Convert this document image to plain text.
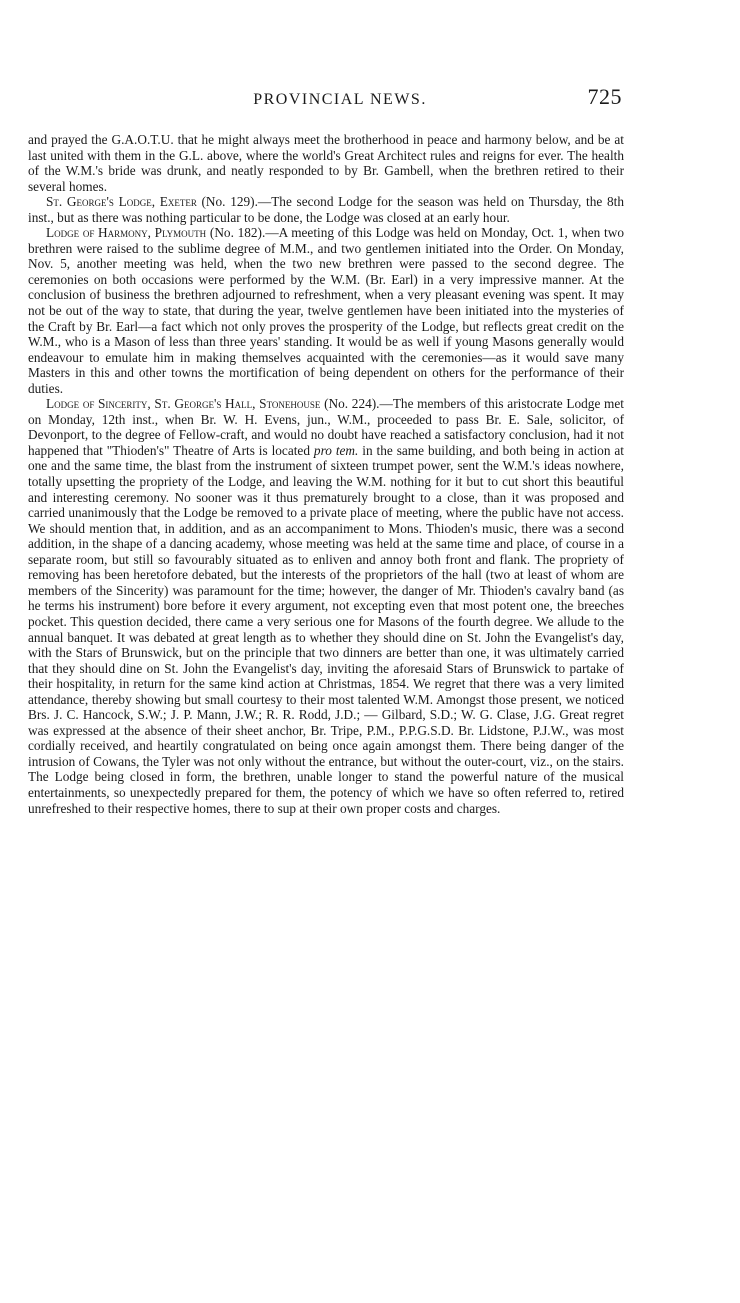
PROVINCIAL NEWS.	725

and prayed the G.A.O.T.U. that he might always meet the brotherhood in peace and harmony below, and be at last united with them in the G.L. above, where the world's Great Architect rules and reigns for ever. The health of the W.M.'s bride was drunk, and neatly responded to by Br. Gambell, when the brethren retired to their several homes.

St. George's Lodge, Exeter (No. 129).—The second Lodge for the season was held on Thursday, the 8th inst., but as there was nothing particular to be done, the Lodge was closed at an early hour.

Lodge of Harmony, Plymouth (No. 182).—A meeting of this Lodge was held on Monday, Oct. 1, when two brethren were raised to the sublime degree of M.M., and two gentlemen initiated into the Order. On Monday, Nov. 5, another meeting was held, when the two new brethren were passed to the second degree. The ceremonies on both occasions were performed by the W.M. (Br. Earl) in a very impressive manner. At the conclusion of business the brethren adjourned to refreshment, when a very pleasant evening was spent. It may not be out of the way to state, that during the year, twelve gentlemen have been initiated into the mysteries of the Craft by Br. Earl—a fact which not only proves the prosperity of the Lodge, but reflects great credit on the W.M., who is a Mason of less than three years' standing. It would be as well if young Masons generally would endeavour to emulate him in making themselves acquainted with the ceremonies—as it would save many Masters in this and other towns the mortification of being dependent on others for the performance of their duties.

Lodge of Sincerity, St. George's Hall, Stonehouse (No. 224).—The members of this aristocrate Lodge met on Monday, 12th inst., when Br. W. H. Evens, jun., W.M., proceeded to pass Br. E. Sale, solicitor, of Devonport, to the degree of Fellow-craft, and would no doubt have reached a satisfactory conclusion, had it not happened that "Thioden's" Theatre of Arts is located pro tem. in the same building, and both being in action at one and the same time, the blast from the instrument of sixteen trumpet power, sent the W.M.'s ideas nowhere, totally upsetting the propriety of the Lodge, and leaving the W.M. nothing for it but to cut short this beautiful and interesting ceremony. No sooner was it thus prematurely brought to a close, than it was proposed and carried unanimously that the Lodge be removed to a private place of meeting, where the public have not access. We should mention that, in addition, and as an accompaniment to Mons. Thioden's music, there was a second addition, in the shape of a dancing academy, whose meeting was held at the same time and place, of course in a separate room, but still so favourably situated as to enliven and annoy both front and flank. The propriety of removing has been heretofore debated, but the interests of the proprietors of the hall (two at least of whom are members of the Sincerity) was paramount for the time; however, the danger of Mr. Thioden's cavalry band (as he terms his instrument) bore before it every argument, not excepting even that most potent one, the breeches pocket. This question decided, there came a very serious one for Masons of the fourth degree. We allude to the annual banquet. It was debated at great length as to whether they should dine on St. John the Evangelist's day, with the Stars of Brunswick, but on the principle that two dinners are better than one, it was ultimately carried that they should dine on St. John the Evangelist's day, inviting the aforesaid Stars of Brunswick to partake of their hospitality, in return for the same kind action at Christmas, 1854. We regret that there was a very limited attendance, thereby showing but small courtesy to their most talented W.M. Amongst those present, we noticed Brs. J. C. Hancock, S.W.; J. P. Mann, J.W.; R. R. Rodd, J.D.; — Gilbard, S.D.; W. G. Clase, J.G. Great regret was expressed at the absence of their sheet anchor, Br. Tripe, P.M., P.P.G.S.D. Br. Lidstone, P.J.W., was most cordially received, and heartily congratulated on being once again amongst them. There being danger of the intrusion of Cowans, the Tyler was not only without the entrance, but without the outer-court, viz., on the stairs. The Lodge being closed in form, the brethren, unable longer to stand the powerful nature of the musical entertainments, so unexpectedly prepared for them, the potency of which we have so often referred to, retired unrefreshed to their respective homes, there to sup at their own proper costs and charges.
